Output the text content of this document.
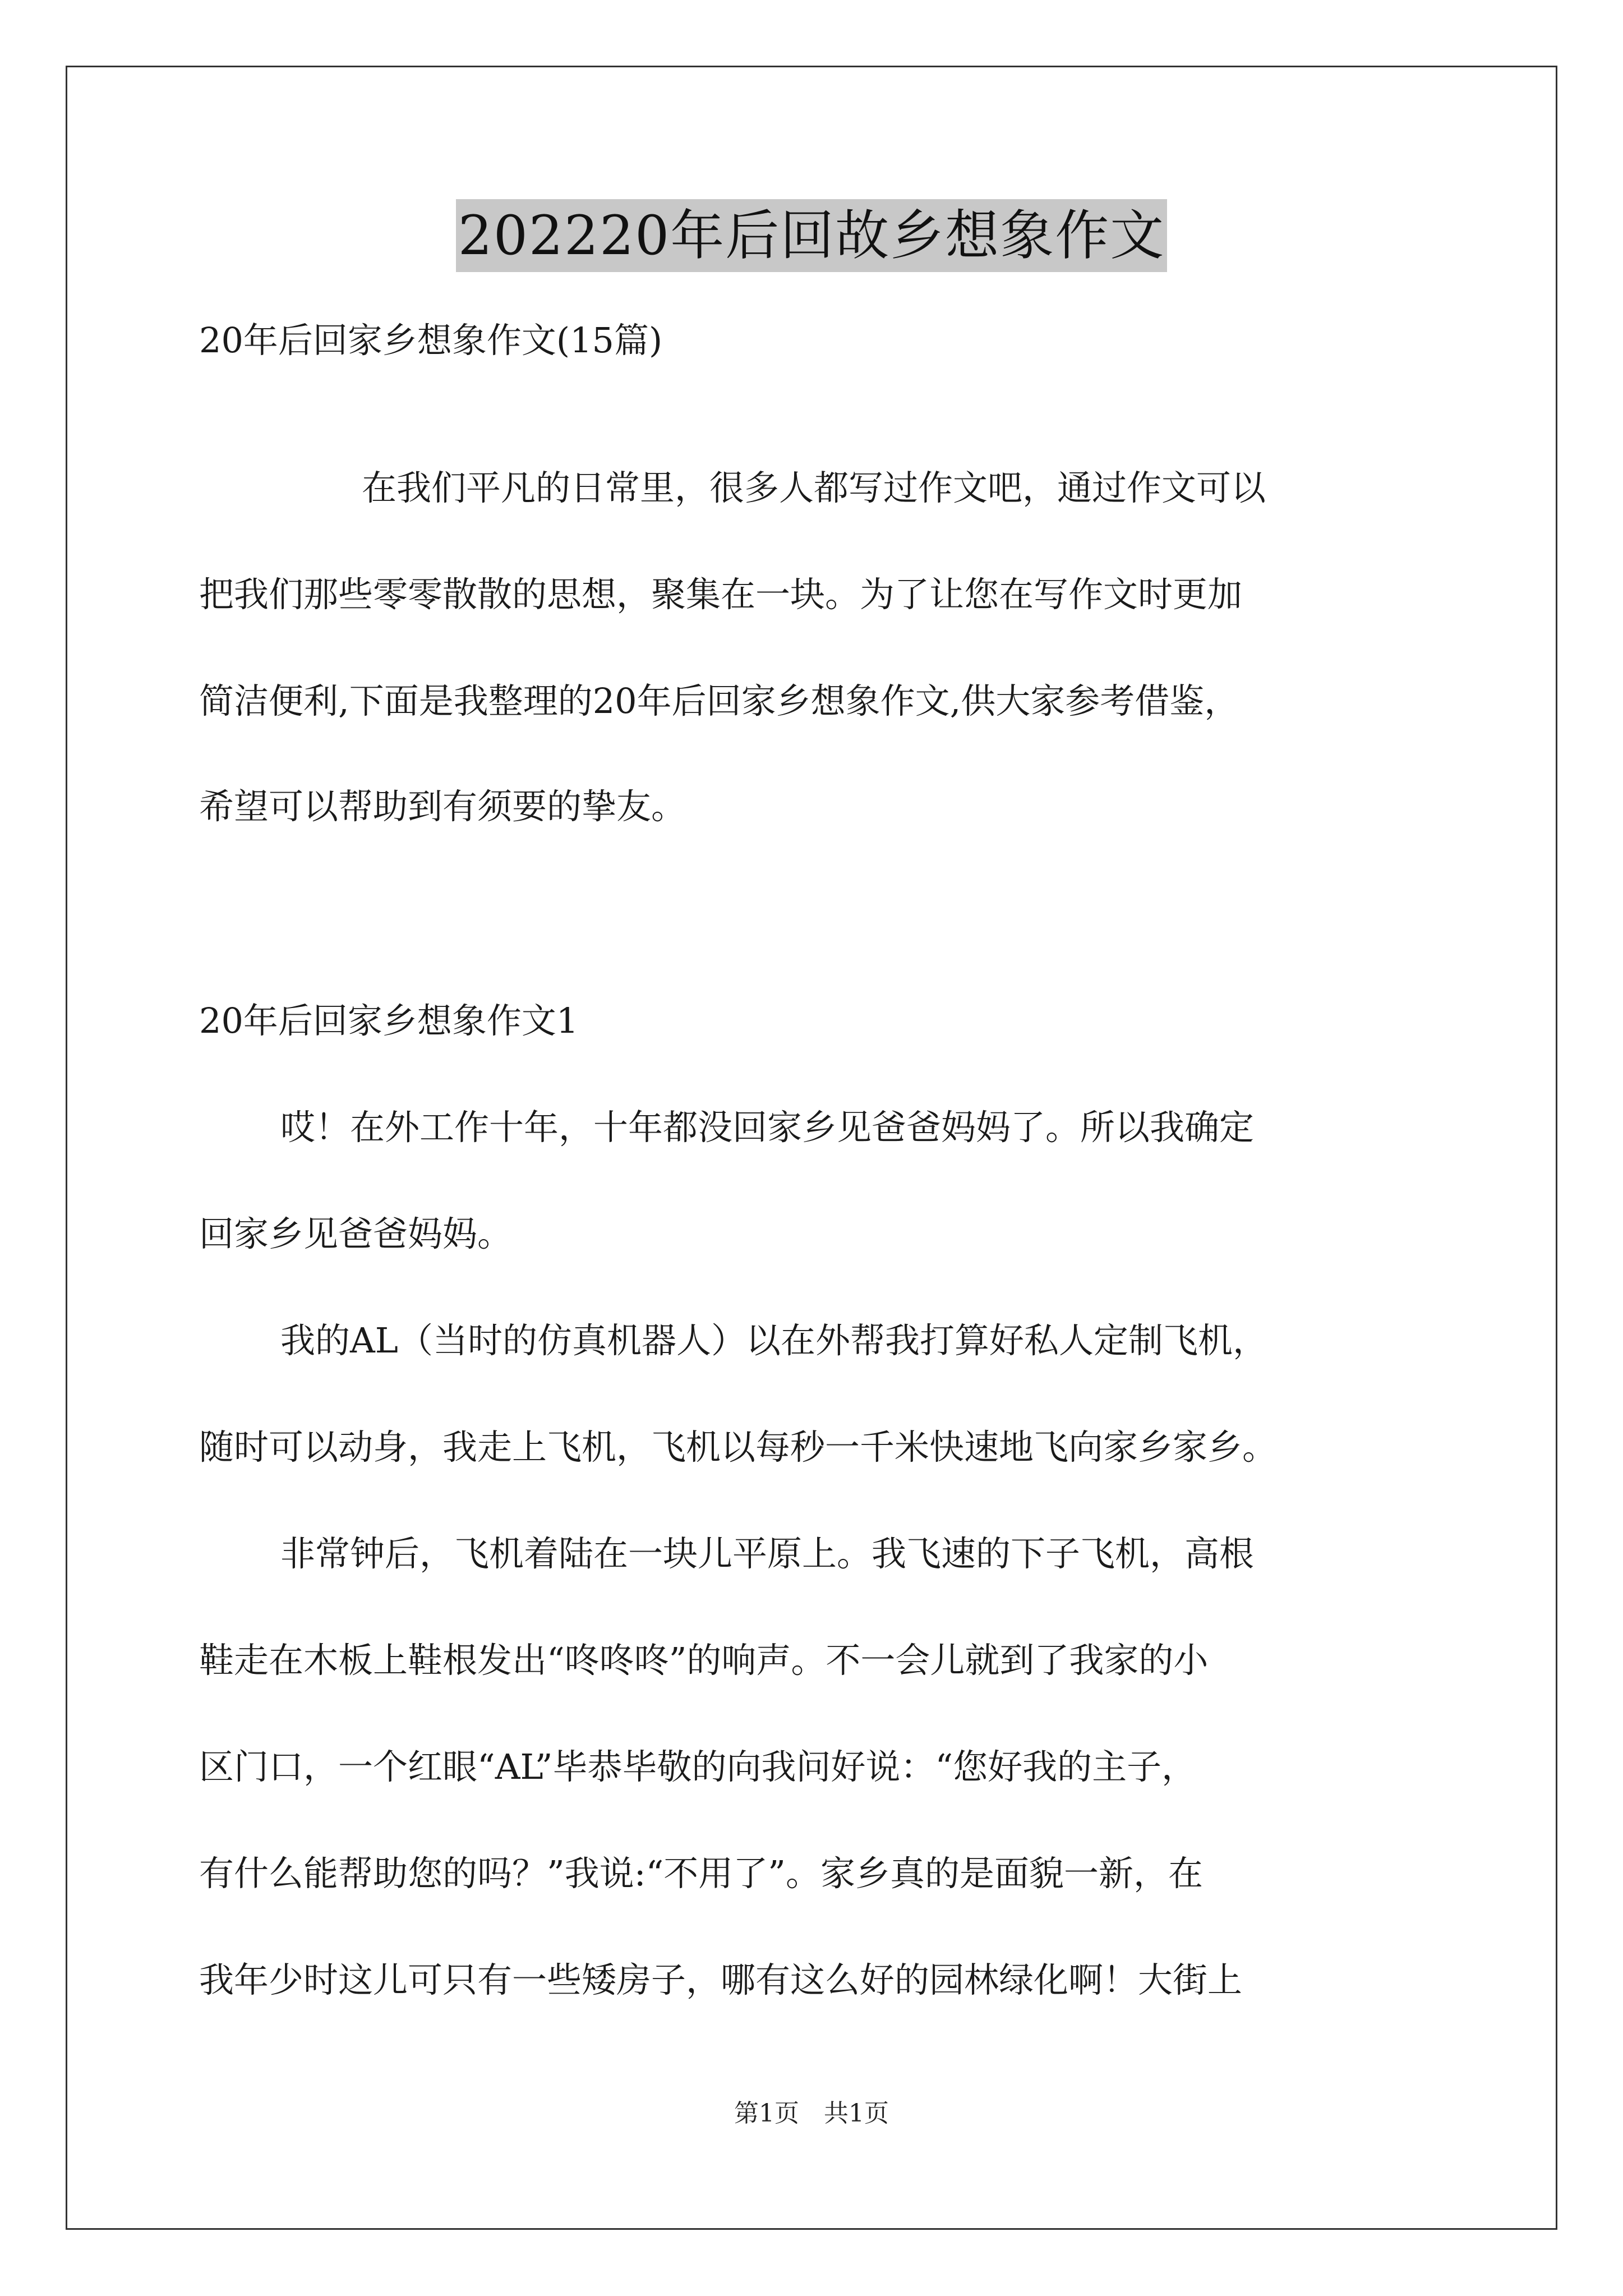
202220年后回故乡想象作文
20年后回家乡想象作文(15篇)
在我们平凡的日常里，很多人都写过作文吧，通过作文可以
把我们那些零零散散的思想，聚集在一块。为了让您在写作文时更加
简洁便利,下面是我整理的20年后回家乡想象作文,供大家参考借鉴，
希望可以帮助到有须要的挚友。
20年后回家乡想象作文1
哎！在外工作十年，十年都没回家乡见爸爸妈妈了。所以我确定
回家乡见爸爸妈妈。
我的AL（当时的仿真机器人）以在外帮我打算好私人定制飞机，
随时可以动身，我走上飞机，飞机以每秒一千米快速地飞向家乡家乡。
非常钟后，飞机着陆在一块儿平原上。我飞速的下子飞机，高根
鞋走在木板上鞋根发出“咚咚咚”的响声。不一会儿就到了我家的小
区门口，一个红眼“AL”毕恭毕敬的向我问好说：“您好我的主子，
有什么能帮助您的吗？”我说:“不用了”。家乡真的是面貌一新，在
我年少时这儿可只有一些矮房子，哪有这么好的园林绿化啊！大街上
第1页　共1页
